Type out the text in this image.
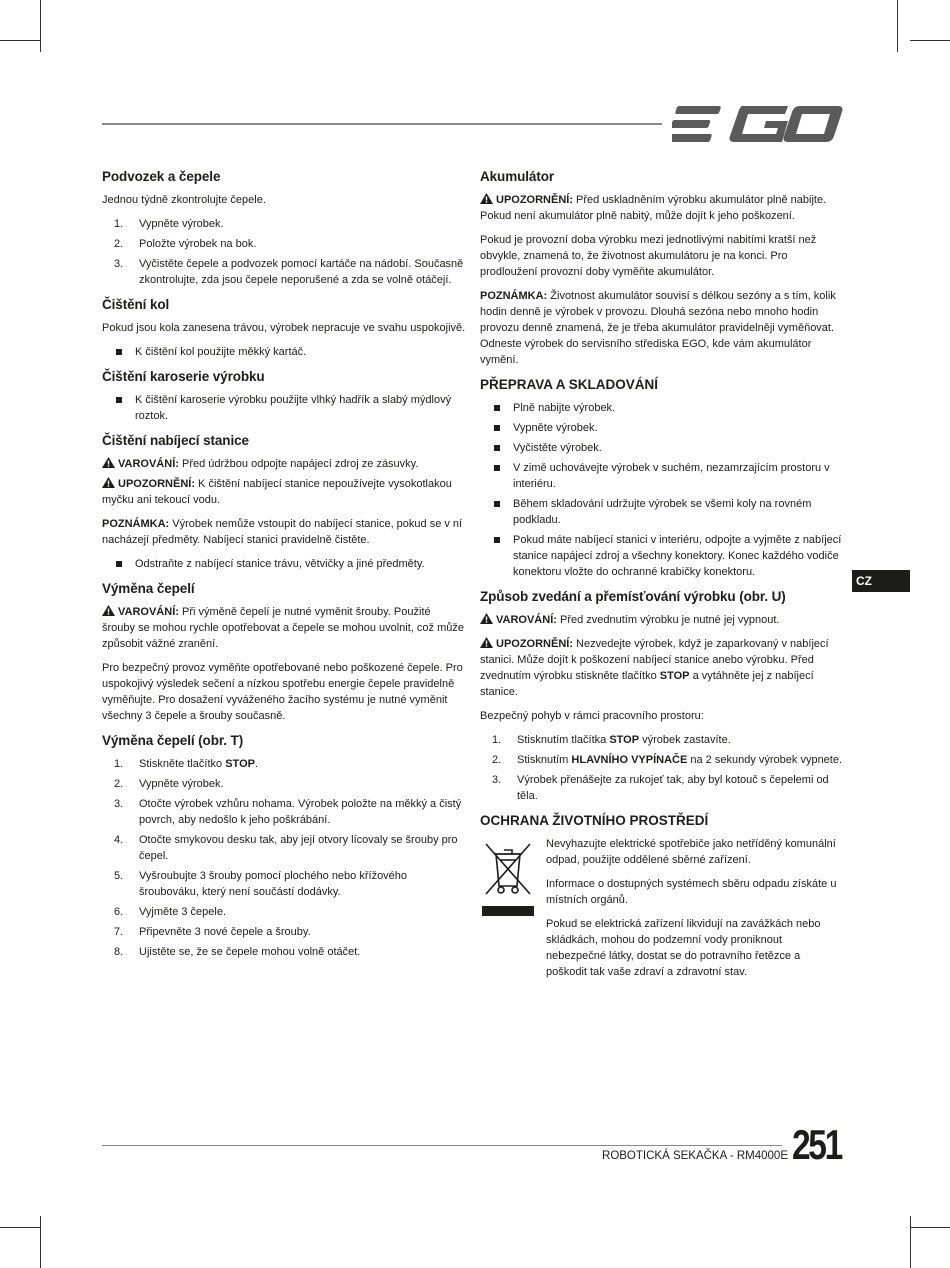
Podvozek a čepele

Jednou týdně zkontrolujte čepele.

1. Vypněte výrobek.
2. Položte výrobek na bok.
3. Vyčistěte čepele a podvozek pomocí kartáče na nádobí. Současně zkontrolujte, zda jsou čepele neporušené a zda se volně otáčejí.
Čištění kol

Pokud jsou kola zanesena trávou, výrobek nepracuje ve svahu uspokojivě.

K čištění kol použijte měkký kartáč.
Čištění karoserie výrobku
K čištění karoserie výrobku použijte vlhký hadřík a slabý mýdlový roztok.
Čištění nabíjecí stanice

VAROVÁNÍ: Před údržbou odpojte napájecí zdroj ze zásuvky.

UPOZORNĚNÍ: K čištění nabíjecí stanice nepoužívejte vysokotlakou myčku ani tekoucí vodu.

POZNÁMKA: Výrobek nemůže vstoupit do nabíjecí stanice, pokud se v ní nacházejí předměty. Nabíjecí stanici pravidelně čistěte.

Odstraňte z nabíjecí stanice trávu, větvičky a jiné předměty.
Výměna čepelí

VAROVÁNÍ: Při výměně čepelí je nutné vyměnit šrouby. Použité šrouby se mohou rychle opotřebovat a čepele se mohou uvolnit, což může způsobit vážné zranění.

Pro bezpečný provoz vyměňte opotřebované nebo poškozené čepele. Pro uspokojivý výsledek sečení a nízkou spotřebu energie čepele pravidelně vyměňujte. Pro dosažení vyváženého žacího systému je nutné vyměnit všechny 3 čepele a šrouby současně.

Výměna čepelí (obr. T)
1. Stiskněte tlačítko STOP.
2. Vypněte výrobek.
3. Otočte výrobek vzhůru nohama. Výrobek položte na měkký a čistý povrch, aby nedošlo k jeho poškrábání.
4. Otočte smykovou desku tak, aby její otvory lícovaly se šrouby pro čepel.
5. Vyšroubujte 3 šrouby pomocí plochého nebo křížového šroubováku, který není součástí dodávky.
6. Vyjměte 3 čepele.
7. Připevněte 3 nové čepele a šrouby.
8. Ujistěte se, že se čepele mohou volně otáčet.
Akumulátor

UPOZORNĚNÍ: Před uskladněním výrobku akumulátor plně nabijte. Pokud není akumulátor plně nabitý, může dojít k jeho poškození.

Pokud je provozní doba výrobku mezi jednotlivými nabitími kratší než obvykle, znamená to, že životnost akumulátoru je na konci. Pro prodloužení provozní doby vyměňte akumulátor.

POZNÁMKA: Životnost akumulátor souvisí s délkou sezóny a s tím, kolik hodin denně je výrobek v provozu. Dlouhá sezóna nebo mnoho hodin provozu denně znamená, že je třeba akumulátor pravidelněji vyměňovat. Odneste výrobek do servisního střediska EGO, kde vám akumulátor vymění.

PŘEPRAVA A SKLADOVÁNÍ
Plně nabijte výrobek.
Vypněte výrobek.
Vyčistěte výrobek.
V zimě uchovávejte výrobek v suchém, nezamrzajícím prostoru v interiéru.
Během skladování udržujte výrobek se všemi koly na rovném podkladu.
Pokud máte nabíjecí stanici v interiéru, odpojte a vyjměte z nabíjecí stanice napájecí zdroj a všechny konektory. Konec každého vodiče konektoru vložte do ochranné krabičky konektoru.
Způsob zvedání a přemísťování výrobku (obr. U)

VAROVÁNÍ: Před zvednutím výrobku je nutné jej vypnout.

UPOZORNĚNÍ: Nezvedejte výrobek, když je zaparkovaný v nabíjecí stanici. Může dojít k poškození nabíjecí stanice anebo výrobku. Před zvednutím výrobku stiskněte tlačítko STOP a vytáhněte jej z nabíjecí stanice.

Bezpečný pohyb v rámci pracovního prostoru:

1. Stisknutím tlačítka STOP výrobek zastavíte.
2. Stisknutím HLAVNÍHO VYPÍNAČE na 2 sekundy výrobek vypnete.
3. Výrobek přenášejte za rukojeť tak, aby byl kotouč s čepelemi od těla.
OCHRANA ŽIVOTNÍHO PROSTŘEDÍ

Nevyhazujte elektrické spotřebiče jako netříděný komunální odpad, použijte oddělené sběrné zařízení.

Informace o dostupných systémech sběru odpadu získáte u místních orgánů.

Pokud se elektrická zařízení likvidují na zavážkách nebo skládkách, mohou do podzemní vody proniknout nebezpečné látky, dostat se do potravního řetězce a poškodit tak vaše zdraví a zdravotní stav.

CZ
ROBOTICKÁ SEKAČKA - RM4000E 251
